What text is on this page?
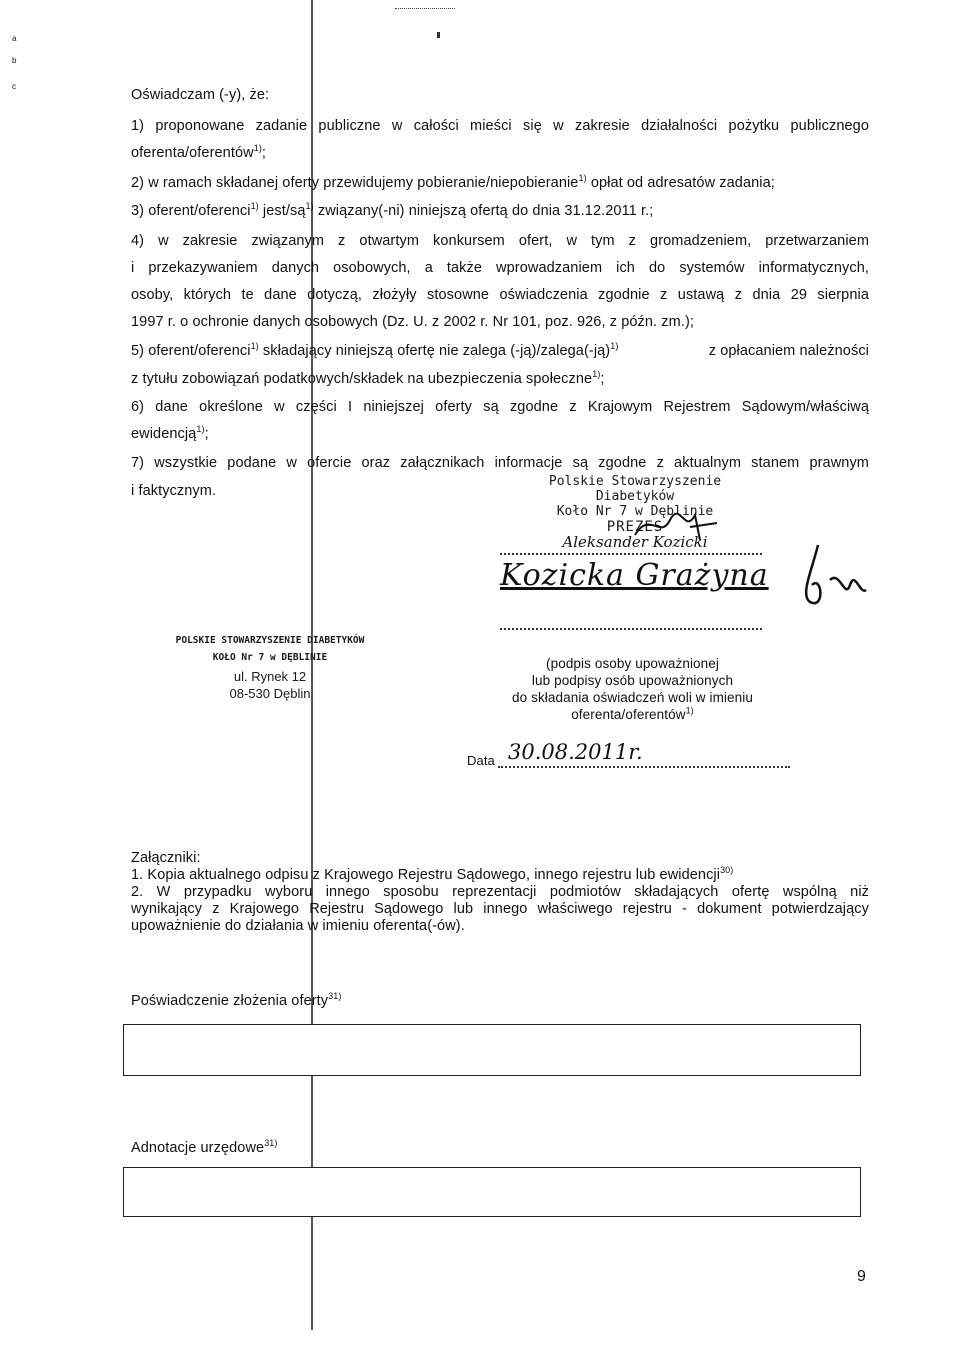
a
b
c
Oświadczam (-y), że:
1) proponowane zadanie publiczne w całości mieści się w zakresie działalności pożytku publicznego
oferenta/oferentów$^{1)}$;
2) w ramach składanej oferty przewidujemy pobieranie/niepobieranie$^{1)}$ opłat od adresatów zadania;
3) oferent/oferenci$^{1)}$ jest/$są^{1)}$ związany(-ni) niniejszą ofertą do dnia 31.12.2011 r.;
4) w zakresie związanym z otwartym konkursem ofert, w tym z gromadzeniem, przetwarzaniem
i przekazywaniem danych osobowych, a także wprowadzaniem ich do systemów informatycznych,
osoby, których te dane dotyczą, złożyły stosowne oświadczenia zgodnie z ustawą z dnia 29 sierpnia
1997 r. o ochronie danych osobowych (Dz. U. z 2002 r. Nr 101, poz. 926, z późn. zm.);
5) oferent/oferenci$^{1)}$ składający niniejszą ofertę nie zalega (-ją)/zalega(-ją)$^{1)}$	z opłacaniem należności
z tytułu zobowiązań podatkowych/składek na ubezpieczenia społeczne$^{1)}$;
6) dane określone w części I niniejszej oferty są zgodne z Krajowym Rejestrem Sądowym/właściwą
ewidencją$^{1)}$;
7) wszystkie podane w ofercie oraz załącznikach informacje są zgodne z aktualnym stanem prawnym
i faktycznym.
Polskie Stowarzyszenie Diabetyków
Koło Nr 7 w Dęblinie
PREZES
Aleksander Kozicki
Kozicka Grażyna
(podpis osoby upoważnionej
lub podpisy osób upoważnionych
do składania oświadczeń woli w imieniu
oferenta/oferentów$^{1)}$
POLSKIE STOWARZYSZENIE DIABETYKÓW
KOŁO Nr 7 w DĘBLINIE
ul. Rynek 12
08-530 Dęblin
Data 30.08.2011r.
Załączniki:
1. Kopia aktualnego odpisu z Krajowego Rejestru Sądowego, innego rejestru lub ewidencji$^{30)}$
2. W przypadku wyboru innego sposobu reprezentacji podmiotów składających ofertę wspólną niż
wynikający z Krajowego Rejestru Sądowego lub innego właściwego rejestru - dokument potwierdzający
upoważnienie do działania w imieniu oferenta(-ów).
Poświadczenie złożenia oferty$^{31)}$
Adnotacje urzędowe$^{31)}$
9
